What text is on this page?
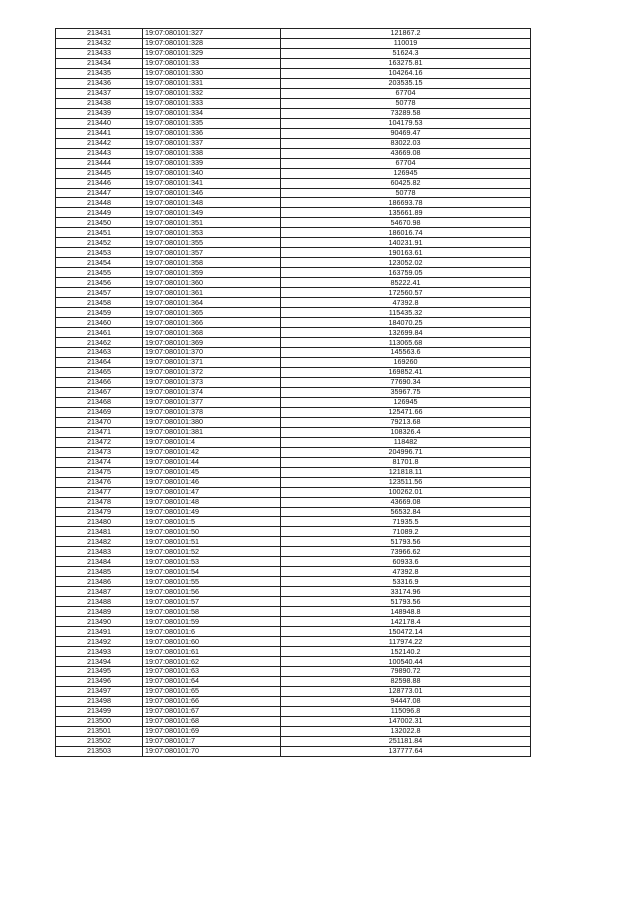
213431	19:07:080101:327	121867.2
213432	19:07:080101:328	110019
213433	19:07:080101:329	51624.3
213434	19:07:080101:33	163275.81
213435	19:07:080101:330	104264.16
213436	19:07:080101:331	203535.15
213437	19:07:080101:332	67704
213438	19:07:080101:333	50778
213439	19:07:080101:334	73289.58
213440	19:07:080101:335	104179.53
213441	19:07:080101:336	90469.47
213442	19:07:080101:337	83022.03
213443	19:07:080101:338	43669.08
213444	19:07:080101:339	67704
213445	19:07:080101:340	126945
213446	19:07:080101:341	60425.82
213447	19:07:080101:346	50778
213448	19:07:080101:348	186693.78
213449	19:07:080101:349	135661.89
213450	19:07:080101:351	54670.98
213451	19:07:080101:353	186016.74
213452	19:07:080101:355	140231.91
213453	19:07:080101:357	190163.61
213454	19:07:080101:358	123052.02
213455	19:07:080101:359	163759.05
213456	19:07:080101:360	85222.41
213457	19:07:080101:361	172560.57
213458	19:07:080101:364	47392.8
213459	19:07:080101:365	115435.32
213460	19:07:080101:366	184070.25
213461	19:07:080101:368	132699.84
213462	19:07:080101:369	113065.68
213463	19:07:080101:370	145563.6
213464	19:07:080101:371	169260
213465	19:07:080101:372	169852.41
213466	19:07:080101:373	77690.34
213467	19:07:080101:374	35967.75
213468	19:07:080101:377	126945
213469	19:07:080101:378	125471.66
213470	19:07:080101:380	79213.68
213471	19:07:080101:381	108326.4
213472	19:07:080101:4	118482
213473	19:07:080101:42	204996.71
213474	19:07:080101:44	81701.8
213475	19:07:080101:45	121818.11
213476	19:07:080101:46	123511.56
213477	19:07:080101:47	100262.01
213478	19:07:080101:48	43669.08
213479	19:07:080101:49	56532.84
213480	19:07:080101:5	71935.5
213481	19:07:080101:50	71089.2
213482	19:07:080101:51	51793.56
213483	19:07:080101:52	73966.62
213484	19:07:080101:53	60933.6
213485	19:07:080101:54	47392.8
213486	19:07:080101:55	53316.9
213487	19:07:080101:56	33174.96
213488	19:07:080101:57	51793.56
213489	19:07:080101:58	148948.8
213490	19:07:080101:59	142178.4
213491	19:07:080101:6	150472.14
213492	19:07:080101:60	117974.22
213493	19:07:080101:61	152140.2
213494	19:07:080101:62	100540.44
213495	19:07:080101:63	79890.72
213496	19:07:080101:64	82598.88
213497	19:07:080101:65	128773.01
213498	19:07:080101:66	94447.08
213499	19:07:080101:67	115096.8
213500	19:07:080101:68	147002.31
213501	19:07:080101:69	132022.8
213502	19:07:080101:7	251181.84
213503	19:07:080101:70	137777.64
